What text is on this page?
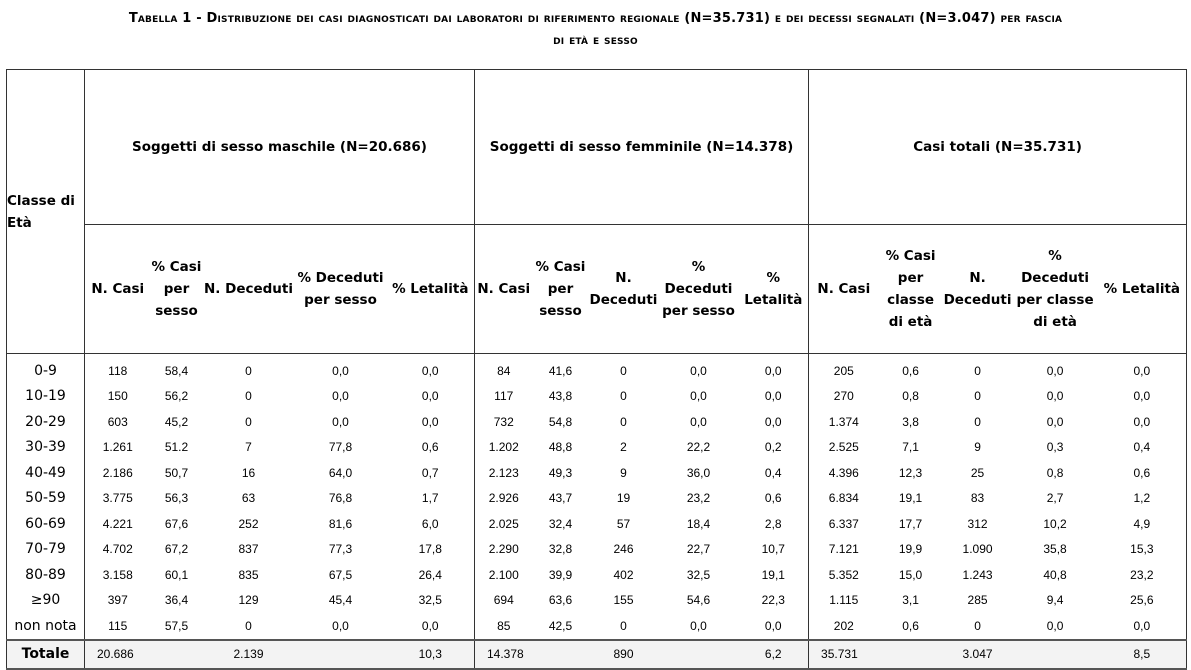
Tabella 1 - Distribuzione dei casi diagnosticati dai laboratori di riferimento regionale (N=35.731) e dei decessi segnalati (N=3.047) per fascia
di età e sesso
Classe di Età	Soggetti di sesso maschile (N=20.686)					Soggetti di sesso femminile (N=14.378)					Casi totali (N=35.731)				
	N. Casi	% Casi per sesso	N. Deceduti	% Deceduti per sesso	% Letalità	N. Casi	% Casi per sesso	N. Deceduti	% Deceduti per sesso	% Letalità	N. Casi	% Casi per classe di età	N. Deceduti	% Deceduti per classe di età	% Letalità
0-9	118	58,4	0	0,0	0,0	84	41,6	0	0,0	0,0	205	0,6	0	0,0	0,0
10-19	150	56,2	0	0,0	0,0	117	43,8	0	0,0	0,0	270	0,8	0	0,0	0,0
20-29	603	45,2	0	0,0	0,0	732	54,8	0	0,0	0,0	1.374	3,8	0	0,0	0,0
30-39	1.261	51.2	7	77,8	0,6	1.202	48,8	2	22,2	0,2	2.525	7,1	9	0,3	0,4
40-49	2.186	50,7	16	64,0	0,7	2.123	49,3	9	36,0	0,4	4.396	12,3	25	0,8	0,6
50-59	3.775	56,3	63	76,8	1,7	2.926	43,7	19	23,2	0,6	6.834	19,1	83	2,7	1,2
60-69	4.221	67,6	252	81,6	6,0	2.025	32,4	57	18,4	2,8	6.337	17,7	312	10,2	4,9
70-79	4.702	67,2	837	77,3	17,8	2.290	32,8	246	22,7	10,7	7.121	19,9	1.090	35,8	15,3
80-89	3.158	60,1	835	67,5	26,4	2.100	39,9	402	32,5	19,1	5.352	15,0	1.243	40,8	23,2
≥90	397	36,4	129	45,4	32,5	694	63,6	155	54,6	22,3	1.115	3,1	285	9,4	25,6
non nota	115	57,5	0	0,0	0,0	85	42,5	0	0,0	0,0	202	0,6	0	0,0	0,0
Totale	20.686		2.139		10,3	14.378		890		6,2	35.731		3.047		8,5
